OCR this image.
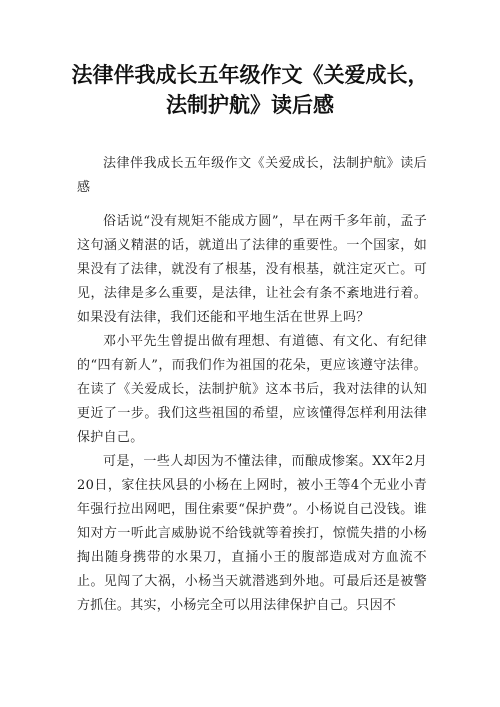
法律伴我成长五年级作文《关爱成长，
法制护航》读后感

法律伴我成长五年级作文《关爱成长，法制护航》读后感

俗话说“没有规矩不能成方圆”，早在两千多年前，孟子这句涵义精湛的话，就道出了法律的重要性。一个国家，如果没有了法律，就没有了根基，没有根基，就注定灭亡。可见，法律是多么重要，是法律，让社会有条不紊地进行着。如果没有法律，我们还能和平地生活在世界上吗？

邓小平先生曾提出做有理想、有道德、有文化、有纪律的“四有新人”，而我们作为祖国的花朵，更应该遵守法律。在读了《关爱成长，法制护航》这本书后，我对法律的认知更近了一步。我们这些祖国的希望，应该懂得怎样利用法律保护自己。

可是，一些人却因为不懂法律，而酿成惨案。XX年2月20日，家住扶风县的小杨在上网时，被小王等4个无业小青年强行拉出网吧，围住索要“保护费”。小杨说自己没钱。谁知对方一听此言威胁说不给钱就等着挨打，惊慌失措的小杨掏出随身携带的水果刀，直捅小王的腹部造成对方血流不止。见闯了大祸，小杨当天就潜逃到外地。可最后还是被警方抓住。其实，小杨完全可以用法律保护自己。只因不
